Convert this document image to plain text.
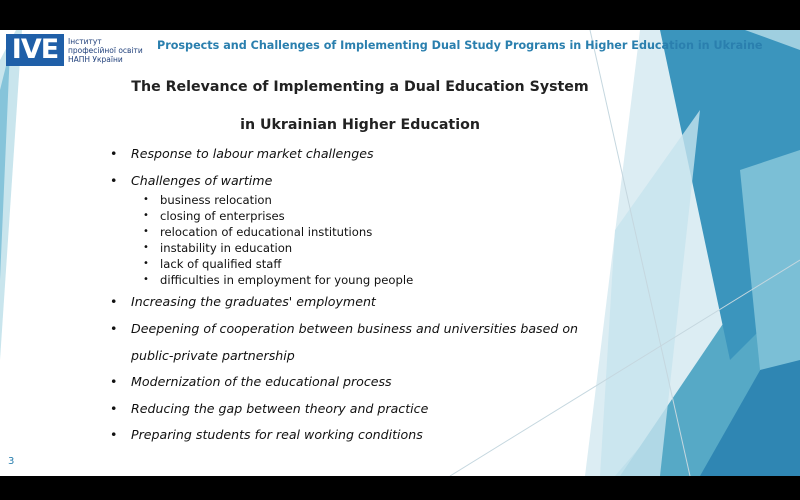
IVE	Інститут
професійної освіти
НАПН України
Prospects and Challenges of Implementing Dual Study Programs in Higher Education in Ukraine
The Relevance of Implementing a Dual Education System
in Ukrainian Higher Education
• Response to labour market challenges
• Challenges of wartime
• business relocation
• closing of enterprises
• relocation of educational institutions
• instability in education
• lack of qualified staff
• difficulties in employment for young people
• Increasing the graduates' employment
• Deepening of cooperation between business and universities based on
public-private partnership
• Modernization of the educational process
• Reducing the gap between theory and practice
• Preparing students for real working conditions
3
